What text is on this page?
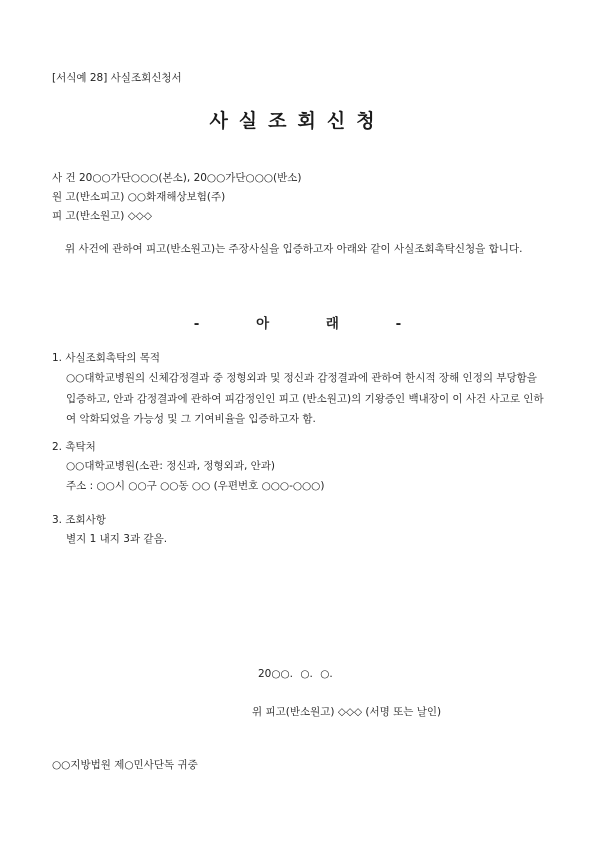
[서식예 28] 사실조회신청서
사실조회신청
사 건 20○○가단○○○(본소), 20○○가단○○○(반소)
원 고(반소피고) ○○화재해상보험(주)
피 고(반소원고) ◇◇◇
위 사건에 관하여 피고(반소원고)는 주장사실을 입증하고자 아래와 같이 사실조회촉탁신청을 합니다.
- 아 래 -
1. 사실조회촉탁의 목적
○○대학교병원의 신체감정결과 중 정형외과 및 정신과 감정결과에 관하여 한시적 장해 인정의 부당함을 입증하고, 안과 감정결과에 관하여 피감정인인 피고 (반소원고)의 기왕증인 백내장이 이 사건 사고로 인하여 악화되었을 가능성 및 그 기여비율을 입증하고자 함.
2. 촉탁처
○○대학교병원(소관: 정신과, 정형외과, 안과)
주소 : ○○시 ○○구 ○○동 ○○ (우편번호 ○○○-○○○)
3. 조회사항
별지 1 내지 3과 같음.
20○○. ○. ○.
위 피고(반소원고) ◇◇◇ (서명 또는 날인)
○○지방법원 제○민사단독 귀중
